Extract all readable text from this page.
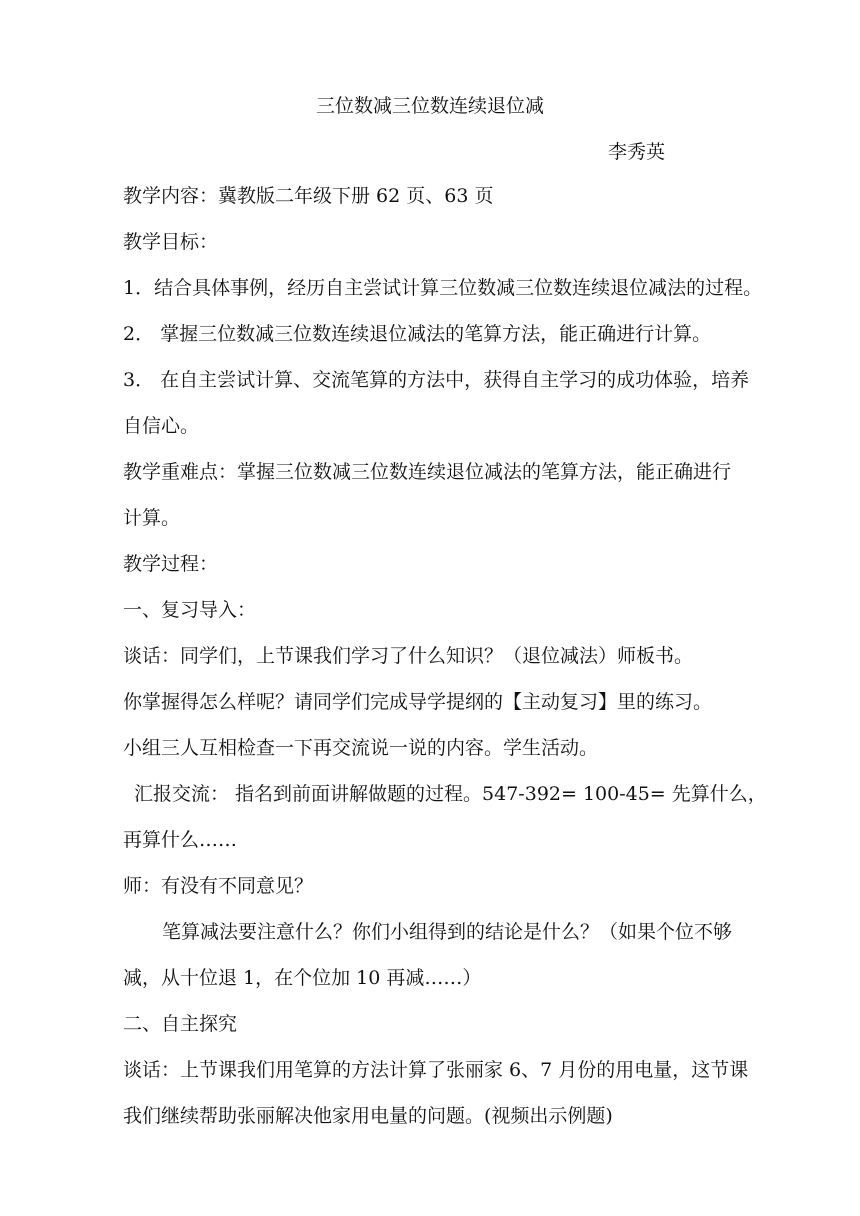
三位数减三位数连续退位减
李秀英
教学内容：冀教版二年级下册 62 页、63 页
教学目标：
1．结合具体事例，经历自主尝试计算三位数减三位数连续退位减法的过程。
2． 掌握三位数减三位数连续退位减法的笔算方法，能正确进行计算。
3． 在自主尝试计算、交流笔算的方法中，获得自主学习的成功体验，培养
自信心。
教学重难点：掌握三位数减三位数连续退位减法的笔算方法，能正确进行
计算。
教学过程：
一、复习导入：
谈话：同学们，上节课我们学习了什么知识？（退位减法）师板书。
你掌握得怎么样呢？请同学们完成导学提纲的【主动复习】里的练习。
小组三人互相检查一下再交流说一说的内容。学生活动。
汇报交流： 指名到前面讲解做题的过程。547-392= 100-45= 先算什么，
再算什么……
师：有没有不同意见？
笔算减法要注意什么？你们小组得到的结论是什么？（如果个位不够
减，从十位退 1，在个位加 10 再减……）
二、自主探究
谈话：上节课我们用笔算的方法计算了张丽家 6、7 月份的用电量，这节课
我们继续帮助张丽解决他家用电量的问题。(视频出示例题)
